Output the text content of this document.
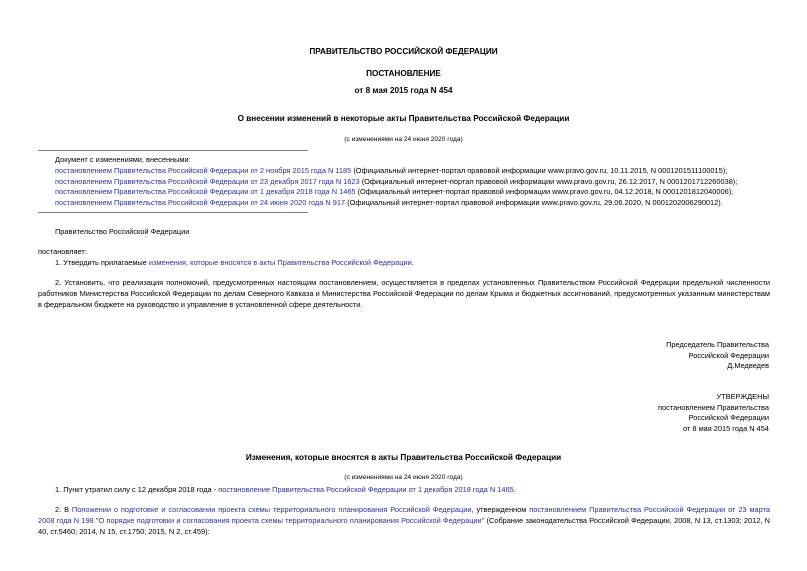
ПРАВИТЕЛЬСТВО РОССИЙСКОЙ ФЕДЕРАЦИИ
ПОСТАНОВЛЕНИЕ
от 8 мая 2015 года N 454
О внесении изменений в некоторые акты Правительства Российской Федерации
(с изменениями на 24 июня 2020 года)
Документ с изменениями, внесенными:
постановлением Правительства Российской Федерации от 2 ноября 2015 года N 1185 (Официальный интернет-портал правовой информации www.pravo.gov.ru, 10.11.2015, N 0001201511100015);
постановлением Правительства Российской Федерации от 23 декабря 2017 года N 1623 (Официальный интернет-портал правовой информации www.pravo.gov.ru, 26.12.2017, N 0001201712260038);
постановлением Правительства Российской Федерации от 1 декабря 2018 года N 1465 (Официальный интернет-портал правовой информации www.pravo.gov.ru, 04.12.2018, N 0001201812040006);
постановлением Правительства Российской Федерации от 24 июня 2020 года N 917 (Официальный интернет-портал правовой информации www.pravo.gov.ru, 29.06.2020, N 0001202006290012).
Правительство Российской Федерации
постановляет:
1. Утвердить прилагаемые изменения, которые вносятся в акты Правительства Российской Федерации.
2. Установить, что реализация полномочий, предусмотренных настоящим постановлением, осуществляется в пределах установленных Правительством Российской Федерации предельной численности работников Министерства Российской Федерации по делам Северного Кавказа и Министерства Российской Федерации по делам Крыма и бюджетных ассигнований, предусмотренных указанным министерствам в федеральном бюджете на руководство и управление в установленной сфере деятельности.
Председатель Правительства
Российской Федерации
Д.Медведев
УТВЕРЖДЕНЫ
постановлением Правительства
Российской Федерации
от 8 мая 2015 года N 454
Изменения, которые вносятся в акты Правительства Российской Федерации
(с изменениями на 24 июня 2020 года)
1. Пункт утратил силу с 12 декабря 2018 года - постановление Правительства Российской Федерации от 1 декабря 2018 года N 1465.
2. В Положении о подготовке и согласовании проекта схемы территориального планирования Российской Федерации, утвержденном постановлением Правительства Российской Федерации от 23 марта 2008 года N 198 "О порядке подготовки и согласования проекта схемы территориального планирования Российской Федерации" (Собрание законодательства Российской Федерации, 2008, N 13, ст.1303; 2012, N 40, ст.5460; 2014, N 15, ст.1750; 2015, N 2, ст.459):
